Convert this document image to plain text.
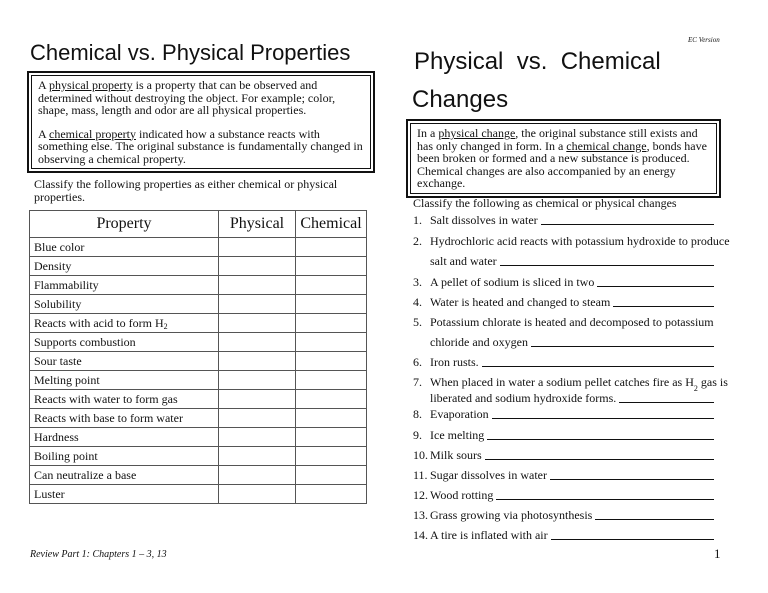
Chemical vs. Physical Properties

A physical property is a property that can be observed and determined without destroying the object. For example; color, shape, mass, length and odor are all physical properties.

A chemical property indicated how a substance reacts with something else. The original substance is fundamentally changed in observing a chemical property.

Classify the following properties as either chemical or physical properties.
Property	Physical	Chemical
Blue color		
Density		
Flammability		
Solubility		
Reacts with acid to form $H_2$		
Supports combustion		
Sour taste		
Melting point		
Reacts with water to form gas		
Reacts with base to form water		
Hardness		
Boiling point		
Can neutralize a base		
Luster		
Review Part 1: Chapters 1 – 3, 13
EC Version
Physical  vs.  Chemical
Changes

In a physical change, the original substance still exists and has only changed in form. In a chemical change, bonds have been broken or formed and a new substance is produced. Chemical changes are also accompanied by an energy exchange.

Classify the following as chemical or physical changes
1. Salt dissolves in water
2. Hydrochloric acid reacts with potassium hydroxide to produce
salt and water
3. A pellet of sodium is sliced in two
4. Water is heated and changed to steam
5. Potassium chlorate is heated and decomposed to potassium
chloride and oxygen
6. Iron rusts.
7. When placed in water a sodium pellet catches fire as H 2 gas is
liberated and sodium hydroxide forms.
8. Evaporation
9. Ice melting
10. Milk sours
11. Sugar dissolves in water
12. Wood rotting
13. Grass growing via photosynthesis
14. A tire is inflated with air
1
